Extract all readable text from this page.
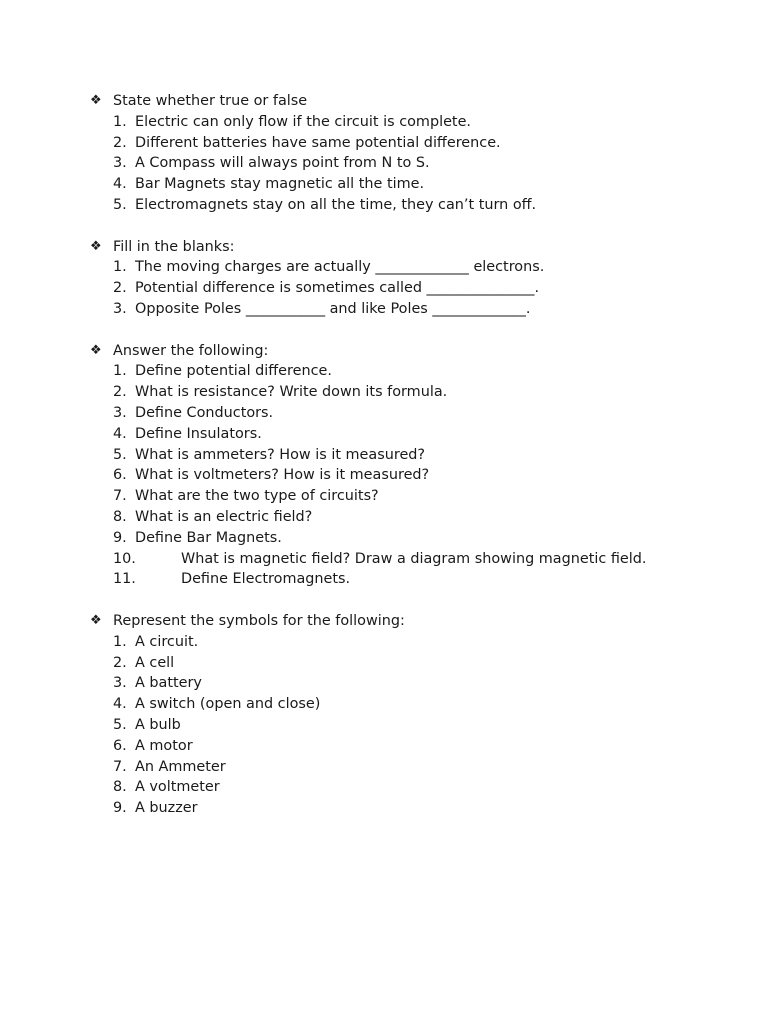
❖ State whether true or false
1. Electric can only flow if the circuit is complete.
2. Different batteries have same potential difference.
3. A Compass will always point from N to S.
4. Bar Magnets stay magnetic all the time.
5. Electromagnets stay on all the time, they can’t turn off.
❖ Fill in the blanks:
1. The moving charges are actually _____________ electrons.
2. Potential difference is sometimes called _______________.
3. Opposite Poles ___________ and like Poles _____________.
❖ Answer the following:
1. Define potential difference.
2. What is resistance? Write down its formula.
3. Define Conductors.
4. Define Insulators.
5. What is ammeters? How is it measured?
6. What is voltmeters? How is it measured?
7. What are the two type of circuits?
8. What is an electric field?
9. Define Bar Magnets.
10.	What is magnetic field? Draw a diagram showing magnetic field.
11.	Define Electromagnets.
❖ Represent the symbols for the following:
1. A circuit.
2. A cell
3. A battery
4. A switch (open and close)
5. A bulb
6. A motor
7. An Ammeter
8. A voltmeter
9. A buzzer
